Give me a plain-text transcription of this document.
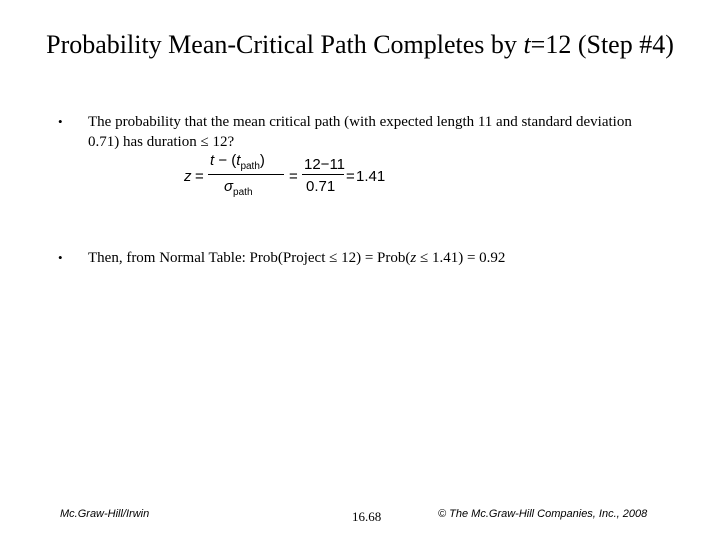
Probability Mean-Critical Path Completes by t=12 (Step #4)
• The probability that the mean critical path (with expected length 11 and standard deviation 0.71) has duration ≤ 12?
z =
$t - (t_{path})$
$\sigma_{path}$
=
12−11
0.71
= 1.41
• Then, from Normal Table: Prob(Project ≤ 12) = Prob(z ≤ 1.41) = 0.92
Mc.Graw-Hill/Irwin	16.68	© The Mc.Graw-Hill Companies, Inc., 2008
